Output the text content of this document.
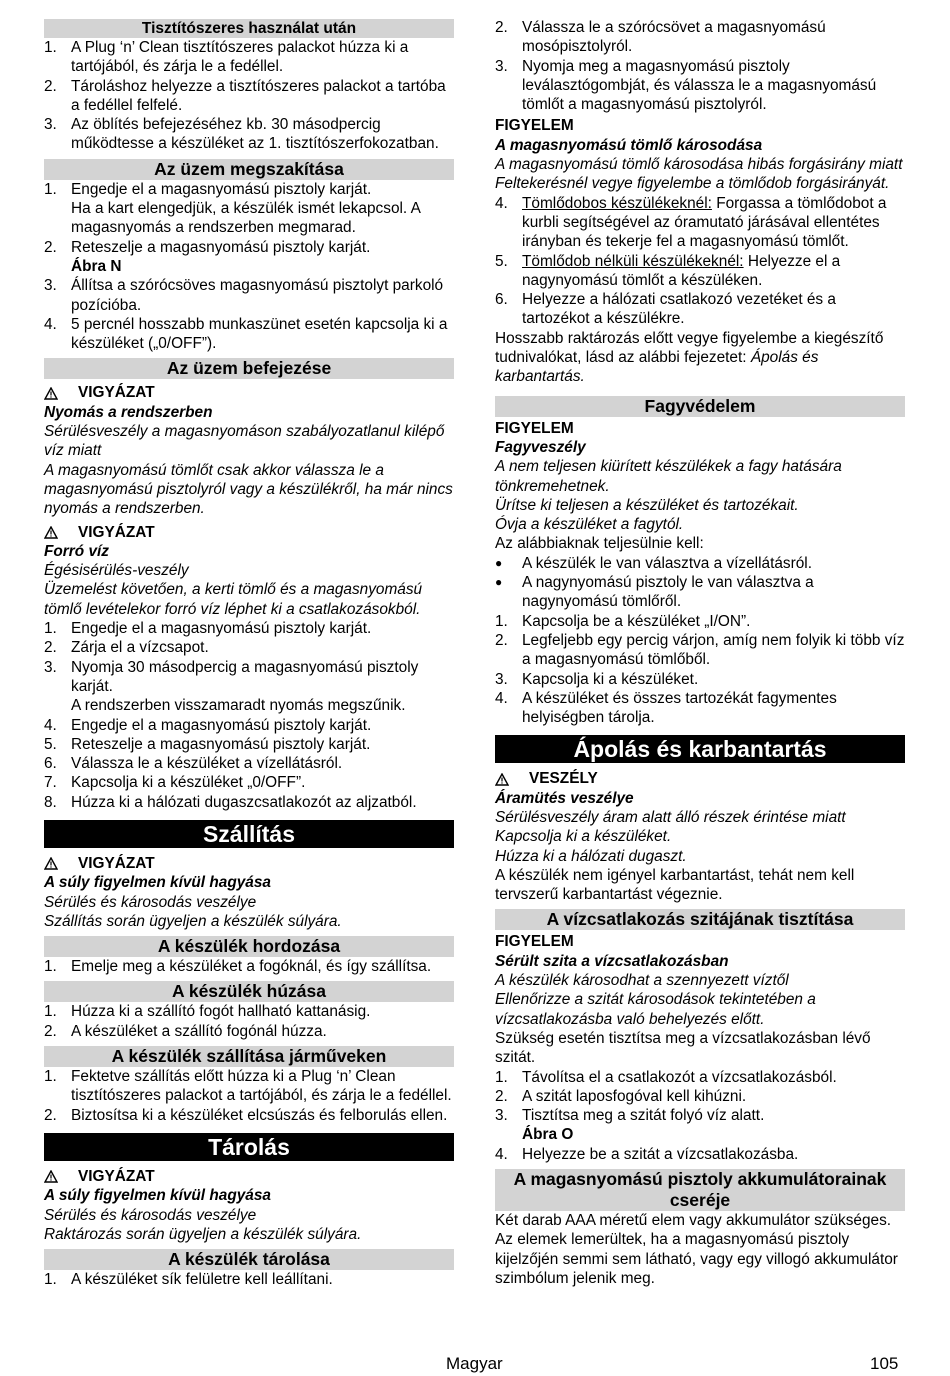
Tisztítószeres használat után
1. A Plug ‘n’ Clean tisztítószeres palackot húzza ki a tartójából, és zárja le a fedéllel.
2. Tároláshoz helyezze a tisztítószeres palackot a tartóba a fedéllel felfelé.
3. Az öblítés befejezéséhez kb. 30 másodpercig működtesse a készüléket az 1. tisztítószerfokozatban.
Az üzem megszakítása
1. Engedje el a magasnyomású pisztoly karját.
Ha a kart elengedjük, a készülék ismét lekapcsol. A magasnyomás a rendszerben megmarad.
2. Reteszelje a magasnyomású pisztoly karját.
Ábra N
3. Állítsa a szórócsöves magasnyomású pisztolyt parkoló pozícióba.
4. 5 percnél hosszabb munkaszünet esetén kapcsolja ki a készüléket („0/OFF”).
Az üzem befejezése
VIGYÁZAT
Nyomás a rendszerben
Sérülésveszély a magasnyomáson szabályozatlanul kilépő víz miatt
A magasnyomású tömlőt csak akkor válassza le a magasnyomású pisztolyról vagy a készülékről, ha már nincs nyomás a rendszerben.
VIGYÁZAT
Forró víz
Égésisérülés-veszély
Üzemelést követően, a kerti tömlő és a magasnyomású tömlő levételekor forró víz léphet ki a csatlakozásokból.
1. Engedje el a magasnyomású pisztoly karját.
2. Zárja el a vízcsapot.
3. Nyomja 30 másodpercig a magasnyomású pisztoly karját.
A rendszerben visszamaradt nyomás megszűnik.
4. Engedje el a magasnyomású pisztoly karját.
5. Reteszelje a magasnyomású pisztoly karját.
6. Válassza le a készüléket a vízellátásról.
7. Kapcsolja ki a készüléket „0/OFF”.
8. Húzza ki a hálózati dugaszcsatlakozót az aljzatból.
Szállítás
VIGYÁZAT
A súly figyelmen kívül hagyása
Sérülés és károsodás veszélye
Szállítás során ügyeljen a készülék súlyára.
A készülék hordozása
1. Emelje meg a készüléket a fogóknál, és így szállítsa.
A készülék húzása
1. Húzza ki a szállító fogót hallható kattanásig.
2. A készüléket a szállító fogónál húzza.
A készülék szállítása járműveken
1. Fektetve szállítás előtt húzza ki a Plug ‘n’ Clean tisztítószeres palackot a tartójából, és zárja le a fedéllel.
2. Biztosítsa ki a készüléket elcsúszás és felborulás ellen.
Tárolás
VIGYÁZAT
A súly figyelmen kívül hagyása
Sérülés és károsodás veszélye
Raktározás során ügyeljen a készülék súlyára.
A készülék tárolása
1. A készüléket sík felületre kell leállítani.
2. Válassza le a szórócsövet a magasnyomású mosópisztolyról.
3. Nyomja meg a magasnyomású pisztoly leválasztógombját, és válassza le a magasnyomású tömlőt a magasnyomású pisztolyról.
FIGYELEM
A magasnyomású tömlő károsodása
A magasnyomású tömlő károsodása hibás forgásirány miatt
Feltekerésnél vegye figyelembe a tömlődob forgásirányát.
4. Tömlődobos készülékeknél: Forgassa a tömlődobot a kurbli segítségével az óramutató járásával ellentétes irányban és tekerje fel a magasnyomású tömlőt.
5. Tömlődob nélküli készülékeknél: Helyezze el a nagynyomású tömlőt a készüléken.
6. Helyezze a hálózati csatlakozó vezetéket és a tartozékot a készülékre.
Hosszabb raktározás előtt vegye figyelembe a kiegészítő tudnivalókat, lásd az alábbi fejezetet: Ápolás és karbantartás.
Fagyvédelem
FIGYELEM
Fagyveszély
A nem teljesen kiürített készülékek a fagy hatására tönkremehetnek.
Ürítse ki teljesen a készüléket és tartozékait.
Óvja a készüléket a fagytól.
Az alábbiaknak teljesülnie kell:
●	A készülék le van választva a vízellátásról.
●	A nagynyomású pisztoly le van választva a nagynyomású tömlőről.
1. Kapcsolja be a készüléket „I/ON”.
2. Legfeljebb egy percig várjon, amíg nem folyik ki több víz a magasnyomású tömlőből.
3. Kapcsolja ki a készüléket.
4. A készüléket és összes tartozékát fagymentes helyiségben tárolja.
Ápolás és karbantartás
VESZÉLY
Áramütés veszélye
Sérülésveszély áram alatt álló részek érintése miatt
Kapcsolja ki a készüléket.
Húzza ki a hálózati dugaszt.
A készülék nem igényel karbantartást, tehát nem kell tervszerű karbantartást végeznie.
A vízcsatlakozás szitájának tisztítása
FIGYELEM
Sérült szita a vízcsatlakozásban
A készülék károsodhat a szennyezett víztől
Ellenőrizze a szitát károsodások tekintetében a vízcsatlakozásba való behelyezés előtt.
Szükség esetén tisztítsa meg a vízcsatlakozásban lévő szitát.
1. Távolítsa el a csatlakozót a vízcsatlakozásból.
2. A szitát laposfogóval kell kihúzni.
3. Tisztítsa meg a szitát folyó víz alatt.
Ábra O
4. Helyezze be a szitát a vízcsatlakozásba.
A magasnyomású pisztoly akkumulátorainak cseréje
Két darab AAA méretű elem vagy akkumulátor szükséges.
Az elemek lemerültek, ha a magasnyomású pisztoly kijelzőjén semmi sem látható, vagy egy villogó akkumulátor szimbólum jelenik meg.
Magyar	105
